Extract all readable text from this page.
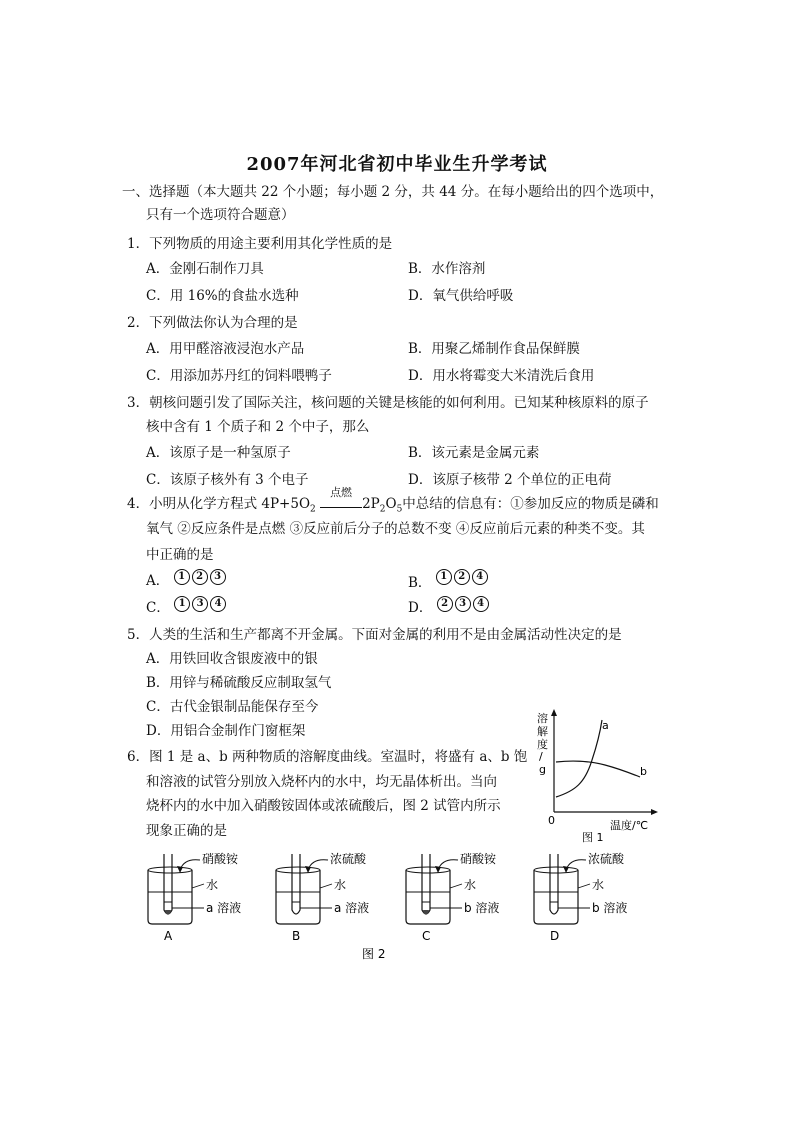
2007年河北省初中毕业生升学考试
一、选择题（本大题共 22 个小题；每小题 2 分，共 44 分。在每小题给出的四个选项中，
只有一个选项符合题意）
1．下列物质的用途主要利用其化学性质的是
A．金刚石制作刀具	B．水作溶剂
C．用 16%的食盐水选种	D．氧气供给呼吸
2．下列做法你认为合理的是
A．用甲醛溶液浸泡水产品	B．用聚乙烯制作食品保鲜膜
C．用添加苏丹红的饲料喂鸭子	D．用水将霉变大米清洗后食用
3．朝核问题引发了国际关注，核问题的关键是核能的如何利用。已知某种核原料的原子
核中含有 1 个质子和 2 个中子，那么
A．该原子是一种氢原子	B．该元素是金属元素
C．该原子核外有 3 个电子	D．该原子核带 2 个单位的正电荷
4．小明从化学方程式 $4P+5O_2$
点燃
$2P_2O_5$中总结的信息有：①参加反应的物质是磷和
氧气 ②反应条件是点燃 ③反应前后分子的总数不变 ④反应前后元素的种类不变。其
中正确的是
A． 1 2 3	B． 1 2 4
C． 1 3 4	D． 2 3 4
5．人类的生活和生产都离不开金属。下面对金属的利用不是由金属活动性决定的是
A．用铁回收含银废液中的银
B．用锌与稀硫酸反应制取氢气
C．古代金银制品能保存至今
D．用铝合金制作门窗框架
6．图 1 是 a、b 两种物质的溶解度曲线。室温时，将盛有 a、b 饱
和溶液的试管分别放入烧杯内的水中，均无晶体析出。当向
烧杯内的水中加入硝酸铵固体或浓硫酸后，图 2 试管内所示
现象正确的是
a
b
溶
解
度
/
g
0	温度/℃
图 1
硝酸铵
水
a 溶液
A
浓硫酸
水
a 溶液
B
硝酸铵
水
b 溶液
C
浓硫酸
水
b 溶液
D
图 2
